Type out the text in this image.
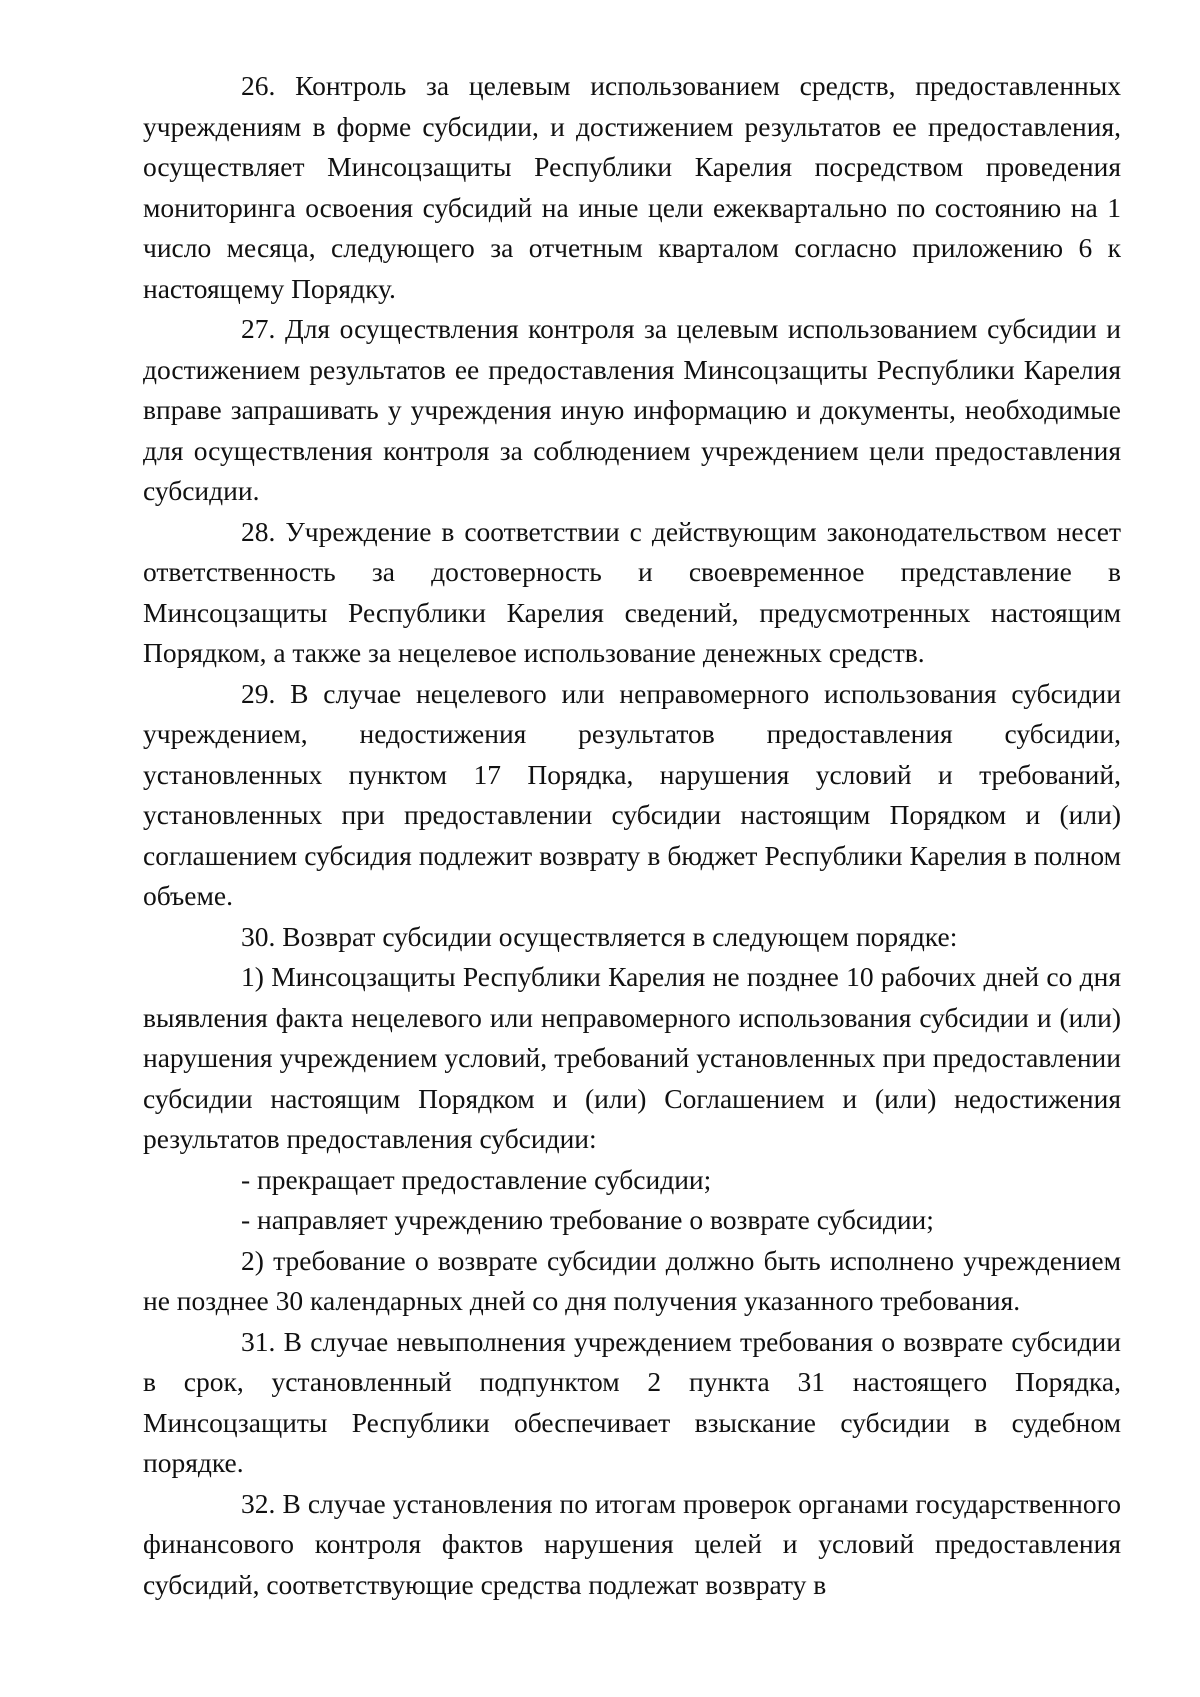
26. Контроль за целевым использованием средств, предоставленных учреждениям в форме субсидии, и достижением результатов ее предоставления, осуществляет Минсоцзащиты Республики Карелия посредством проведения мониторинга освоения субсидий на иные цели ежеквартально по состоянию на 1 число месяца, следующего за отчетным кварталом согласно приложению 6 к настоящему Порядку.

27. Для осуществления контроля за целевым использованием субсидии и достижением результатов ее предоставления Минсоцзащиты Республики Карелия вправе запрашивать у учреждения иную информацию и документы, необходимые для осуществления контроля за соблюдением учреждением цели предоставления субсидии.

28. Учреждение в соответствии с действующим законодательством несет ответственность за достоверность и своевременное представление в Минсоцзащиты Республики Карелия сведений, предусмотренных настоящим Порядком, а также за нецелевое использование денежных средств.

29. В случае нецелевого или неправомерного использования субсидии учреждением, недостижения результатов предоставления субсидии, установленных пунктом 17 Порядка, нарушения условий и требований, установленных при предоставлении субсидии настоящим Порядком и (или) соглашением субсидия подлежит возврату в бюджет Республики Карелия в полном объеме.

30. Возврат субсидии осуществляется в следующем порядке:

1) Минсоцзащиты Республики Карелия не позднее 10 рабочих дней со дня выявления факта нецелевого или неправомерного использования субсидии и (или) нарушения учреждением условий, требований установленных при предоставлении субсидии настоящим Порядком и (или) Соглашением и (или) недостижения результатов предоставления субсидии:

- прекращает предоставление субсидии;

- направляет учреждению требование о возврате субсидии;

2) требование о возврате субсидии должно быть исполнено учреждением не позднее 30 календарных дней со дня получения указанного требования.

31. В случае невыполнения учреждением требования о возврате субсидии в срок, установленный подпунктом 2 пункта 31 настоящего Порядка, Минсоцзащиты Республики обеспечивает взыскание субсидии в судебном порядке.

32. В случае установления по итогам проверок органами государственного финансового контроля фактов нарушения целей и условий предоставления субсидий, соответствующие средства подлежат возврату в
